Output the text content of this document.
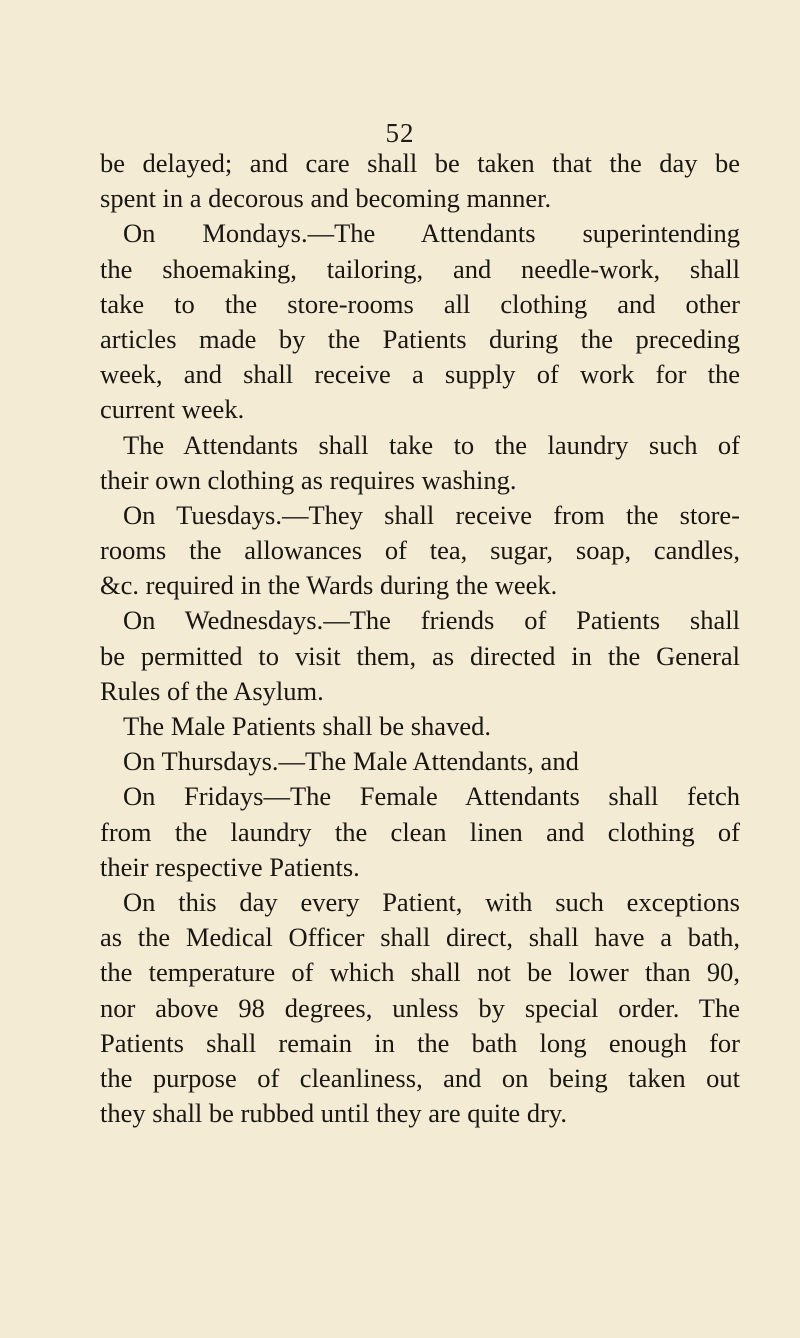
52
be delayed; and care shall be taken that the day be
spent in a decorous and becoming manner.
On Mondays.—The Attendants superintending
the shoemaking, tailoring, and needle-work, shall
take to the store-rooms all clothing and other
articles made by the Patients during the preceding
week, and shall receive a supply of work for the
current week.
The Attendants shall take to the laundry such of
their own clothing as requires washing.
On Tuesdays.—They shall receive from the store-
rooms the allowances of tea, sugar, soap, candles,
&c. required in the Wards during the week.
On Wednesdays.—The friends of Patients shall
be permitted to visit them, as directed in the General
Rules of the Asylum.
The Male Patients shall be shaved.
On Thursdays.—The Male Attendants, and
On Fridays—The Female Attendants shall fetch
from the laundry the clean linen and clothing of
their respective Patients.
On this day every Patient, with such exceptions
as the Medical Officer shall direct, shall have a bath,
the temperature of which shall not be lower than 90,
nor above 98 degrees, unless by special order. The
Patients shall remain in the bath long enough for
the purpose of cleanliness, and on being taken out
they shall be rubbed until they are quite dry.
